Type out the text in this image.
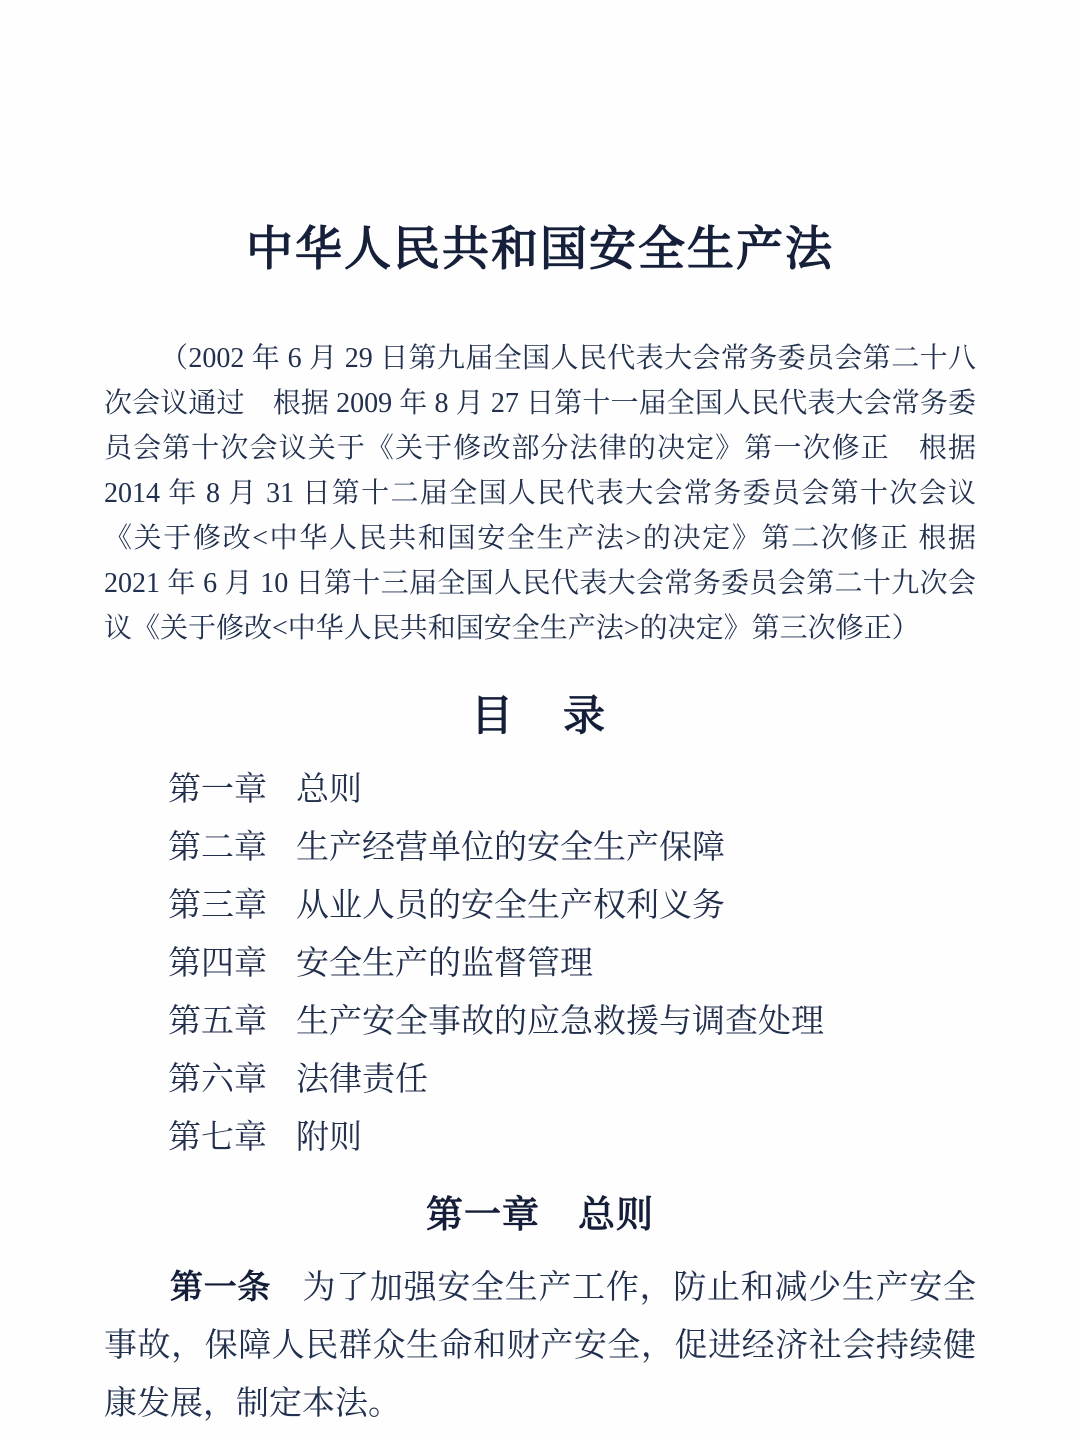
中华人民共和国安全生产法

（2002 年 6 月 29 日第九届全国人民代表大会常务委员会第二十八次会议通过　根据 2009 年 8 月 27 日第十一届全国人民代表大会常务委员会第十次会议关于《关于修改部分法律的决定》第一次修正　根据 2014 年 8 月 31 日第十二届全国人民代表大会常务委员会第十次会议《关于修改<中华人民共和国安全生产法>的决定》第二次修正 根据 2021 年 6 月 10 日第十三届全国人民代表大会常务委员会第二十九次会议《关于修改<中华人民共和国安全生产法>的决定》第三次修正）

目　录
第一章 总则
第二章 生产经营单位的安全生产保障
第三章 从业人员的安全生产权利义务
第四章 安全生产的监督管理
第五章 生产安全事故的应急救援与调查处理
第六章 法律责任
第七章 附则
第一章　总则

第一条 为了加强安全生产工作，防止和减少生产安全事故，保障人民群众生命和财产安全，促进经济社会持续健康发展，制定本法。
